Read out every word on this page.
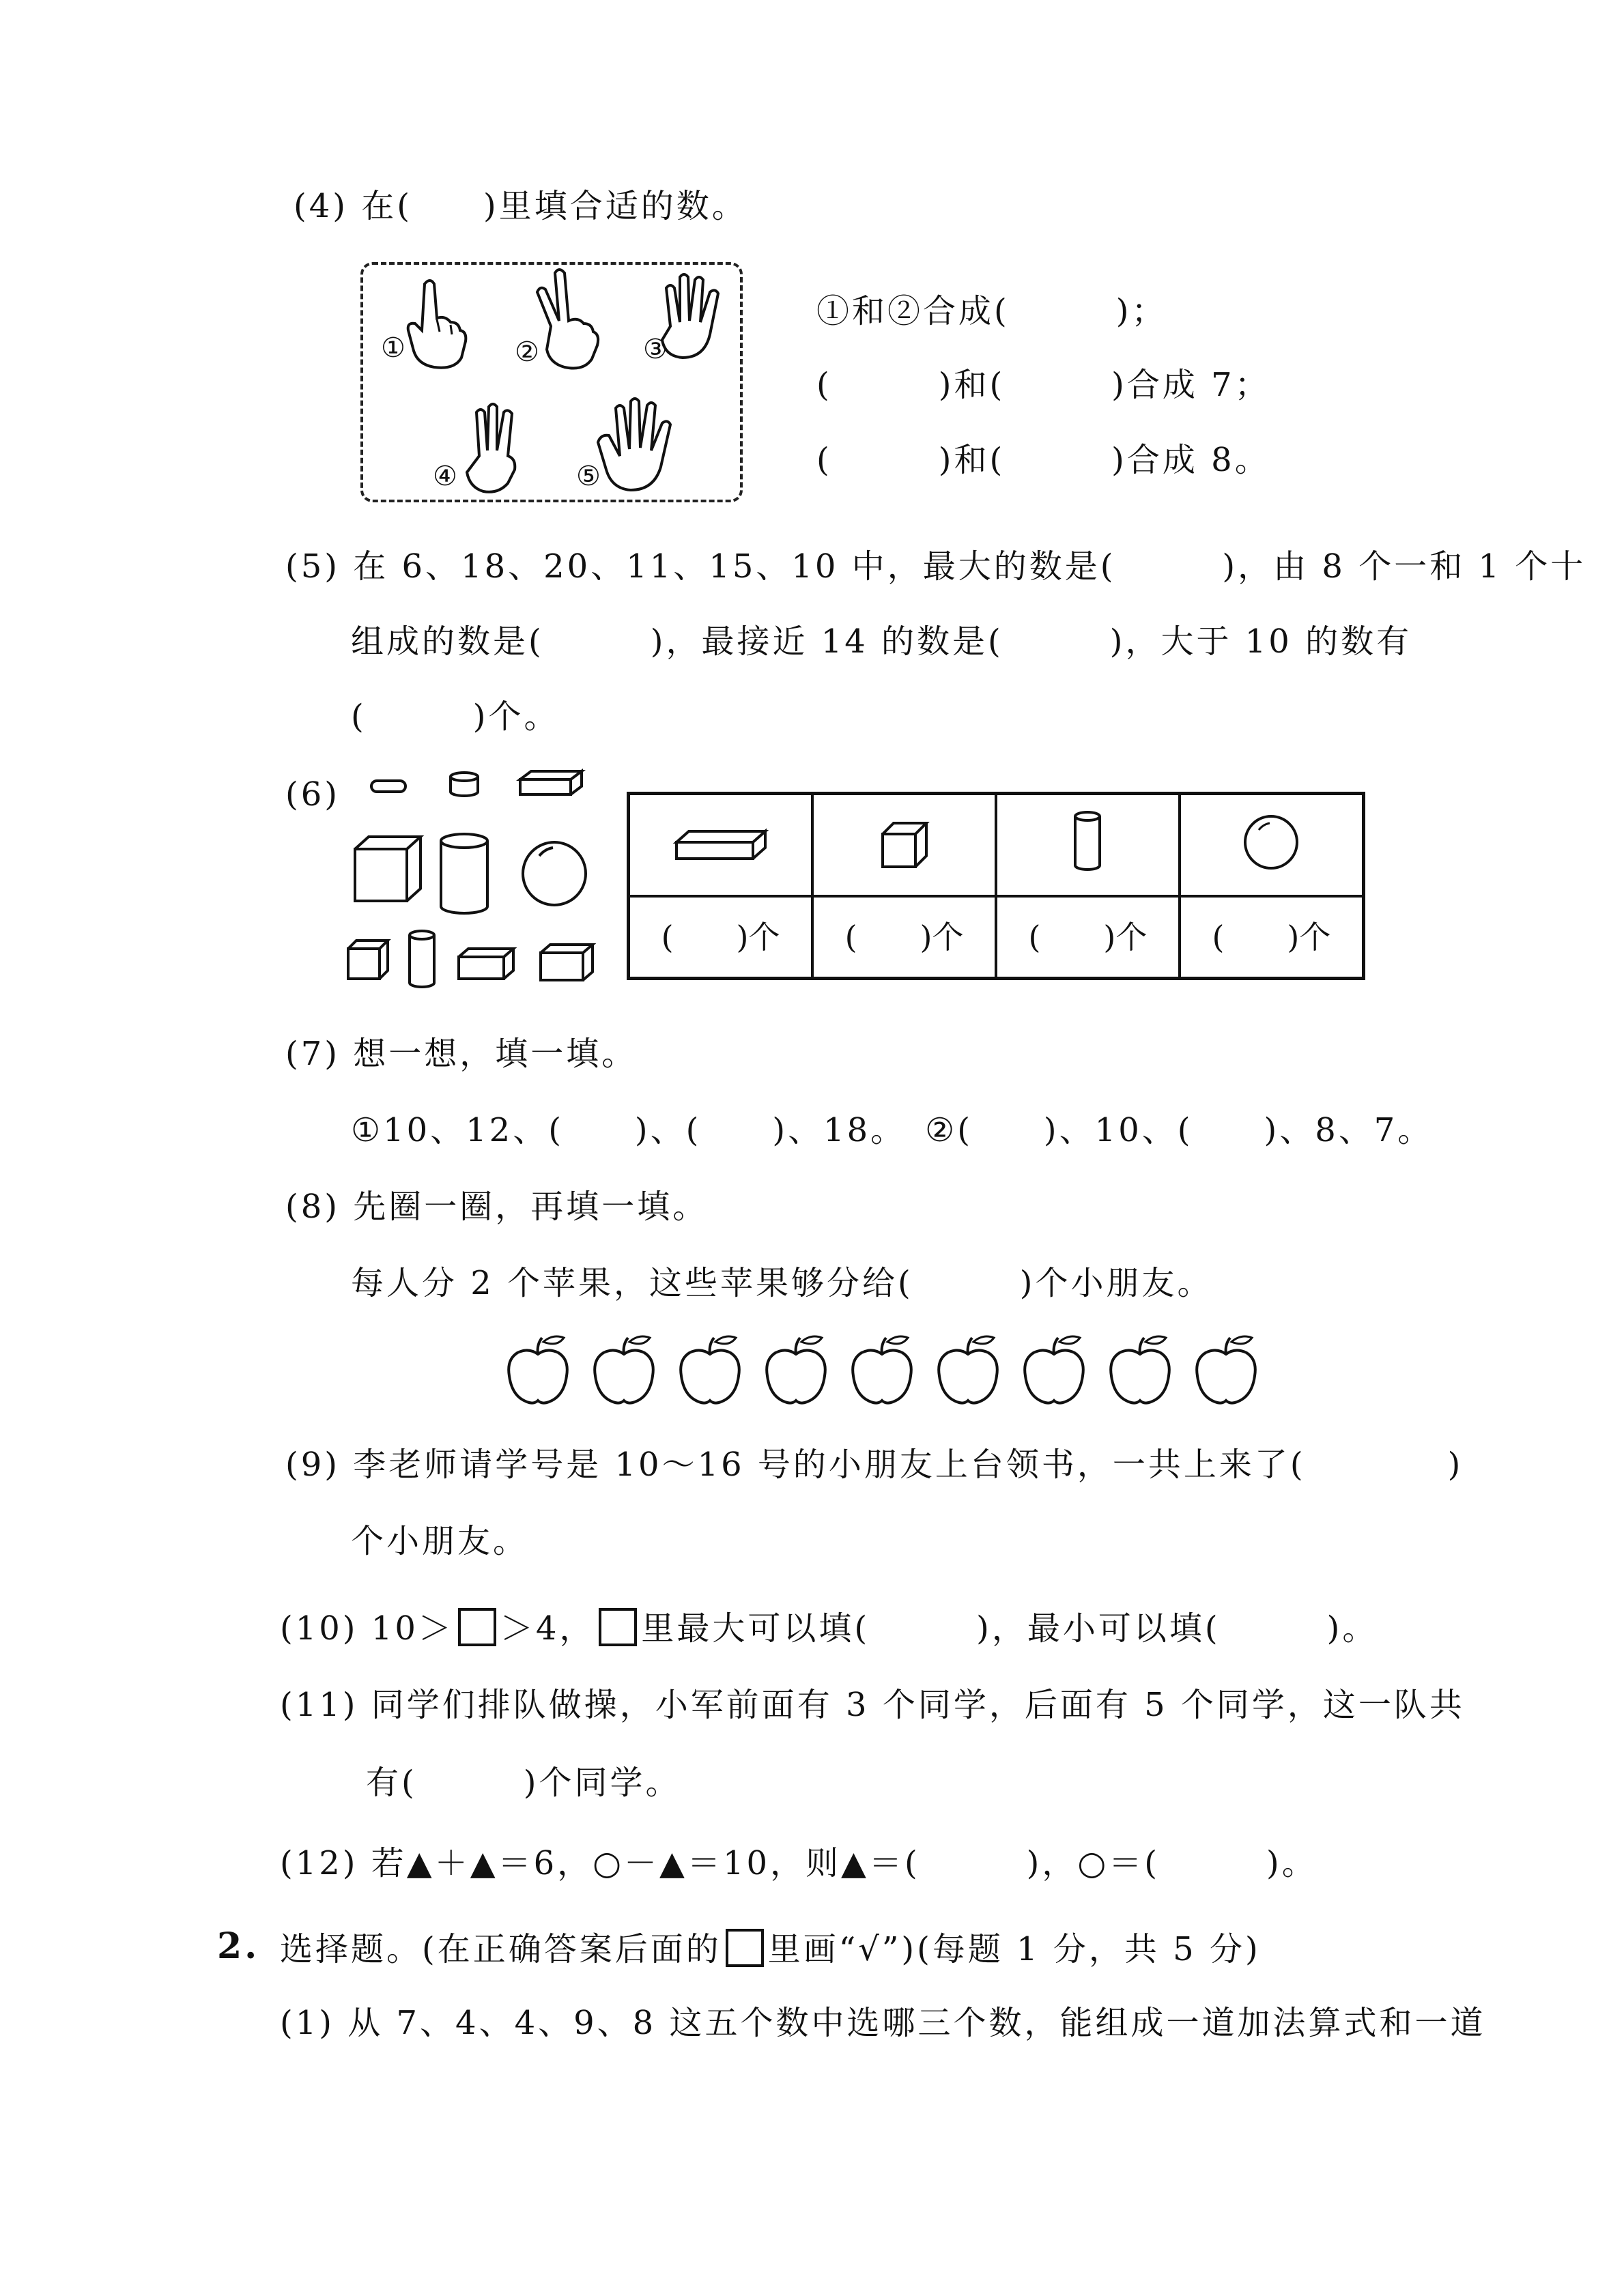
(4) 在(　　)里填合适的数。
①	②	③
④	⑤
①和②合成(　　　)；
(　　　)和(　　　)合成 7；
(　　　)和(　　　)合成 8。
(5) 在 6、18、20、11、15、10 中，最大的数是(　　　)，由 8 个一和 1 个十
组成的数是(　　　)，最接近 14 的数是(　　　)，大于 10 的数有
(　　　)个。
(6)

(　　)个	(　　)个	(　　)个	(　　)个
(7) 想一想，填一填。
①10、12、(　　)、(　　)、18。　②(　　)、10、(　　)、8、7。
(8) 先圈一圈，再填一填。
每人分 2 个苹果，这些苹果够分给(　　　)个小朋友。
(9) 李老师请学号是 10～16 号的小朋友上台领书，一共上来了(　　　　)
个小朋友。
(10) 10＞ ＞4， 里最大可以填(　　　)，最小可以填(　　　)。
(11) 同学们排队做操，小军前面有 3 个同学，后面有 5 个同学，这一队共
有(　　　)个同学。
(12) 若▲＋▲＝6，○－▲＝10，则▲＝(　　　)，○＝(　　　)。
2. 选择题。(在正确答案后面的 里画“√”)(每题 1 分，共 5 分)
(1) 从 7、4、4、9、8 这五个数中选哪三个数，能组成一道加法算式和一道
